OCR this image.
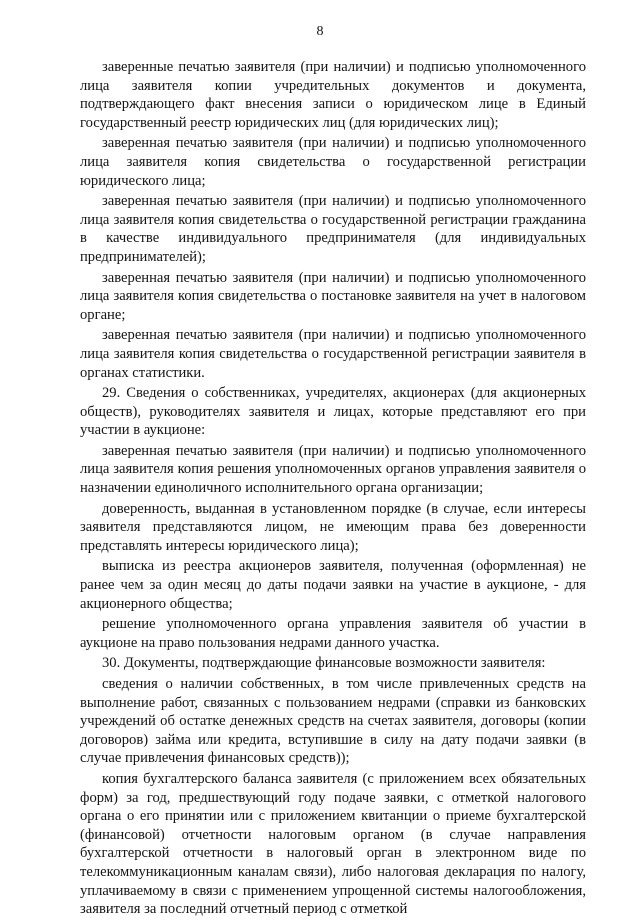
8

заверенные печатью заявителя (при наличии) и подписью уполномоченного лица заявителя копии учредительных документов и документа, подтверждающего факт внесения записи о юридическом лице в Единый государственный реестр юридических лиц (для юридических лиц);

заверенная печатью заявителя (при наличии) и подписью уполномоченного лица заявителя копия свидетельства о государственной регистрации юридического лица;

заверенная печатью заявителя (при наличии) и подписью уполномоченного лица заявителя копия свидетельства о государственной регистрации гражданина в качестве индивидуального предпринимателя (для индивидуальных предпринимателей);

заверенная печатью заявителя (при наличии) и подписью уполномоченного лица заявителя копия свидетельства о постановке заявителя на учет в налоговом органе;

заверенная печатью заявителя (при наличии) и подписью уполномоченного лица заявителя копия свидетельства о государственной регистрации заявителя в органах статистики.

29. Сведения о собственниках, учредителях, акционерах (для акционерных обществ), руководителях заявителя и лицах, которые представляют его при участии в аукционе:

заверенная печатью заявителя (при наличии) и подписью уполномоченного лица заявителя копия решения уполномоченных органов управления заявителя о назначении единоличного исполнительного органа организации;

доверенность, выданная в установленном порядке (в случае, если интересы заявителя представляются лицом, не имеющим права без доверенности представлять интересы юридического лица);

выписка из реестра акционеров заявителя, полученная (оформленная) не ранее чем за один месяц до даты подачи заявки на участие в аукционе, - для акционерного общества;

решение уполномоченного органа управления заявителя об участии в аукционе на право пользования недрами данного участка.

30. Документы, подтверждающие финансовые возможности заявителя:

сведения о наличии собственных, в том числе привлеченных средств на выполнение работ, связанных с пользованием недрами (справки из банковских учреждений об остатке денежных средств на счетах заявителя, договоры (копии договоров) займа или кредита, вступившие в силу на дату подачи заявки (в случае привлечения финансовых средств));

копия бухгалтерского баланса заявителя (с приложением всех обязательных форм) за год, предшествующий году подаче заявки, с отметкой налогового органа о его принятии или с приложением квитанции о приеме бухгалтерской (финансовой) отчетности налоговым органом (в случае направления бухгалтерской отчетности в налоговый орган в электронном виде по телекоммуникационным каналам связи), либо налоговая декларация по налогу, уплачиваемому в связи с применением упрощенной системы налогообложения, заявителя за последний отчетный период с отметкой
